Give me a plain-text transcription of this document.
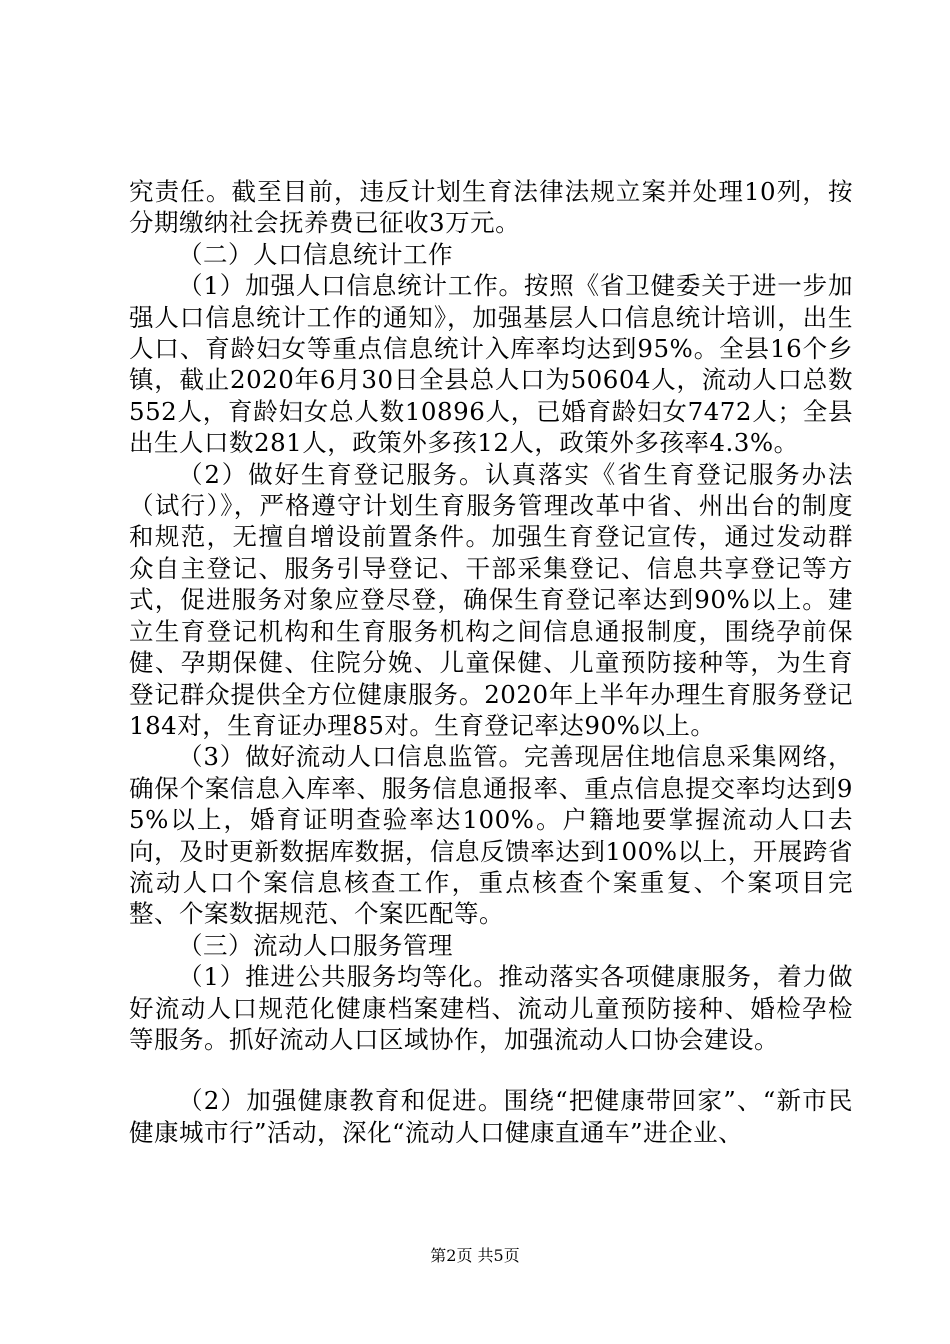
究责任。截至目前，违反计划生育法律法规立案并处理10列，按分期缴纳社会抚养费已征收3万元。

（二）人口信息统计工作

（1）加强人口信息统计工作。按照《省卫健委关于进一步加强人口信息统计工作的通知》，加强基层人口信息统计培训，出生人口、育龄妇女等重点信息统计入库率均达到95%。全县16个乡镇，截止2020年6月30日全县总人口为50604人，流动人口总数552人，育龄妇女总人数10896人，已婚育龄妇女7472人；全县出生人口数281人，政策外多孩12人，政策外多孩率4.3%。

（2）做好生育登记服务。认真落实《省生育登记服务办法（试行）》，严格遵守计划生育服务管理改革中省、州出台的制度和规范，无擅自增设前置条件。加强生育登记宣传，通过发动群众自主登记、服务引导登记、干部采集登记、信息共享登记等方式，促进服务对象应登尽登，确保生育登记率达到90%以上。建立生育登记机构和生育服务机构之间信息通报制度，围绕孕前保健、孕期保健、住院分娩、儿童保健、儿童预防接种等，为生育登记群众提供全方位健康服务。2020年上半年办理生育服务登记184对，生育证办理85对。生育登记率达90%以上。

（3）做好流动人口信息监管。完善现居住地信息采集网络，确保个案信息入库率、服务信息通报率、重点信息提交率均达到95%以上，婚育证明查验率达100%。户籍地要掌握流动人口去向，及时更新数据库数据，信息反馈率达到100%以上，开展跨省流动人口个案信息核查工作，重点核查个案重复、个案项目完整、个案数据规范、个案匹配等。

（三）流动人口服务管理

（1）推进公共服务均等化。推动落实各项健康服务，着力做好流动人口规范化健康档案建档、流动儿童预防接种、婚检孕检等服务。抓好流动人口区域协作，加强流动人口协会建设。

（2）加强健康教育和促进。围绕“把健康带回家”、“新市民健康城市行”活动，深化“流动人口健康直通车”进企业、

第2页 共5页
